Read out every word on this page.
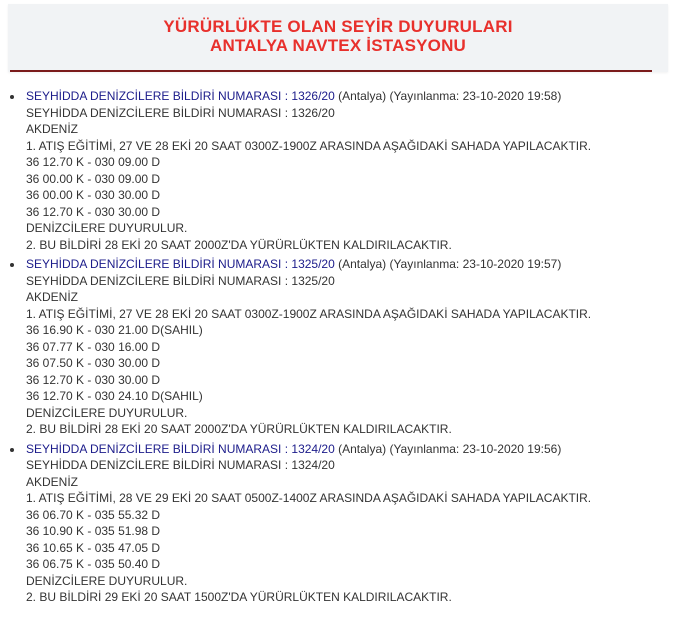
YÜRÜRLÜKTE OLAN SEYİR DUYURULARI
ANTALYA NAVTEX İSTASYONU
SEYHİDDA DENİZCİLERE BİLDİRİ NUMARASI : 1326/20 (Antalya) (Yayınlanma: 23-10-2020 19:58)
SEYHİDDA DENİZCİLERE BİLDİRİ NUMARASI : 1326/20
AKDENİZ
1. ATIŞ EĞİTİMİ, 27 VE 28 EKİ 20 SAAT 0300Z-1900Z ARASINDA AŞAĞIDAKİ SAHADA YAPILACAKTIR.
36 12.70 K - 030 09.00 D
36 00.00 K - 030 09.00 D
36 00.00 K - 030 30.00 D
36 12.70 K - 030 30.00 D
DENİZCİLERE DUYURULUR.
2. BU BİLDİRİ 28 EKİ 20 SAAT 2000Z'DA YÜRÜRLÜKTEN KALDIRILACAKTIR.
SEYHİDDA DENİZCİLERE BİLDİRİ NUMARASI : 1325/20 (Antalya) (Yayınlanma: 23-10-2020 19:57)
SEYHİDDA DENİZCİLERE BİLDİRİ NUMARASI : 1325/20
AKDENİZ
1. ATIŞ EĞİTİMİ, 27 VE 28 EKİ 20 SAAT 0300Z-1900Z ARASINDA AŞAĞIDAKİ SAHADA YAPILACAKTIR.
36 16.90 K - 030 21.00 D(SAHIL)
36 07.77 K - 030 16.00 D
36 07.50 K - 030 30.00 D
36 12.70 K - 030 30.00 D
36 12.70 K - 030 24.10 D(SAHIL)
DENİZCİLERE DUYURULUR.
2. BU BİLDİRİ 28 EKİ 20 SAAT 2000Z'DA YÜRÜRLÜKTEN KALDIRILACAKTIR.
SEYHİDDA DENİZCİLERE BİLDİRİ NUMARASI : 1324/20 (Antalya) (Yayınlanma: 23-10-2020 19:56)
SEYHİDDA DENİZCİLERE BİLDİRİ NUMARASI : 1324/20
AKDENİZ
1. ATIŞ EĞİTİMİ, 28 VE 29 EKİ 20 SAAT 0500Z-1400Z ARASINDA AŞAĞIDAKİ SAHADA YAPILACAKTIR.
36 06.70 K - 035 55.32 D
36 10.90 K - 035 51.98 D
36 10.65 K - 035 47.05 D
36 06.75 K - 035 50.40 D
DENİZCİLERE DUYURULUR.
2. BU BİLDİRİ 29 EKİ 20 SAAT 1500Z'DA YÜRÜRLÜKTEN KALDIRILACAKTIR.
